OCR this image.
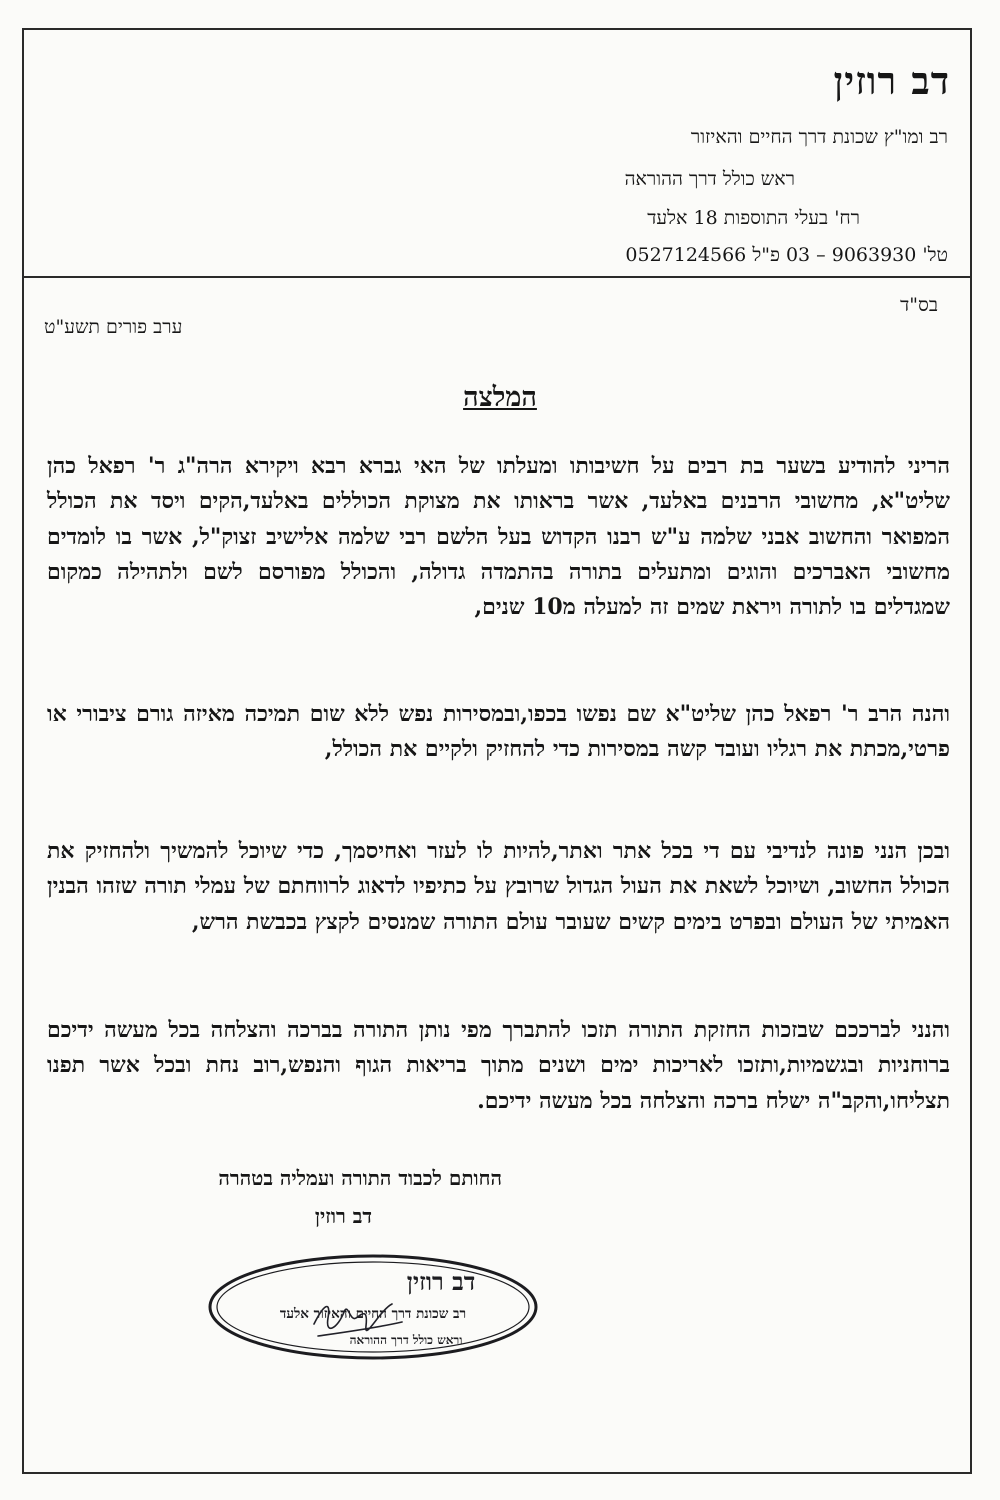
דב רוזין
רב ומו"ץ שכונת דרך החיים והאיזור
ראש כולל דרך ההוראה
רח' בעלי התוספות 18 אלעד
טל' 9063930 – 03 פ"ל 0527124566
בס"ד
ערב פורים תשע"ט
המלצה
הריני להודיע בשער בת רבים על חשיבותו ומעלתו של האי גברא רבא ויקירא הרה"ג ר' רפאל כהן שליט"א, מחשובי הרבנים באלעד, אשר בראותו את מצוקת הכוללים באלעד,הקים ויסד את הכולל המפואר והחשוב אבני שלמה ע"ש רבנו הקדוש בעל הלשם רבי שלמה אלישיב זצוק"ל, אשר בו לומדים מחשובי האברכים והוגים ומתעלים בתורה בהתמדה גדולה, והכולל מפורסם לשם ולתהילה כמקום שמגדלים בו לתורה ויראת שמים זה למעלה מ10 שנים,
והנה הרב ר' רפאל כהן שליט"א שם נפשו בכפו,ובמסירות נפש ללא שום תמיכה מאיזה גורם ציבורי או פרטי,מכתת את רגליו ועובד קשה במסירות כדי להחזיק ולקיים את הכולל,
ובכן הנני פונה לנדיבי עם די בכל אתר ואתר,להיות לו לעזר ואחיסמך, כדי שיוכל להמשיך ולהחזיק את הכולל החשוב, ושיוכל לשאת את העול הגדול שרובץ על כתיפיו לדאוג לרווחתם של עמלי תורה שזהו הבנין האמיתי של העולם ובפרט בימים קשים שעובר עולם התורה שמנסים לקצץ בכבשת הרש,
והנני לברככם שבזכות החזקת התורה תזכו להתברך מפי נותן התורה בברכה והצלחה בכל מעשה ידיכם ברוחניות ובגשמיות,ותזכו לאריכות ימים ושנים מתוך בריאות הגוף והנפש,רוב נחת ובכל אשר תפנו תצליחו,והקב"ה ישלח ברכה והצלחה בכל מעשה ידיכם.
החותם לכבוד התורה ועמליה בטהרה
דב רוזין
דב רוזין
רב שכונת דרך החיים והאיזור אלעד
וראש כולל דרך ההוראה
